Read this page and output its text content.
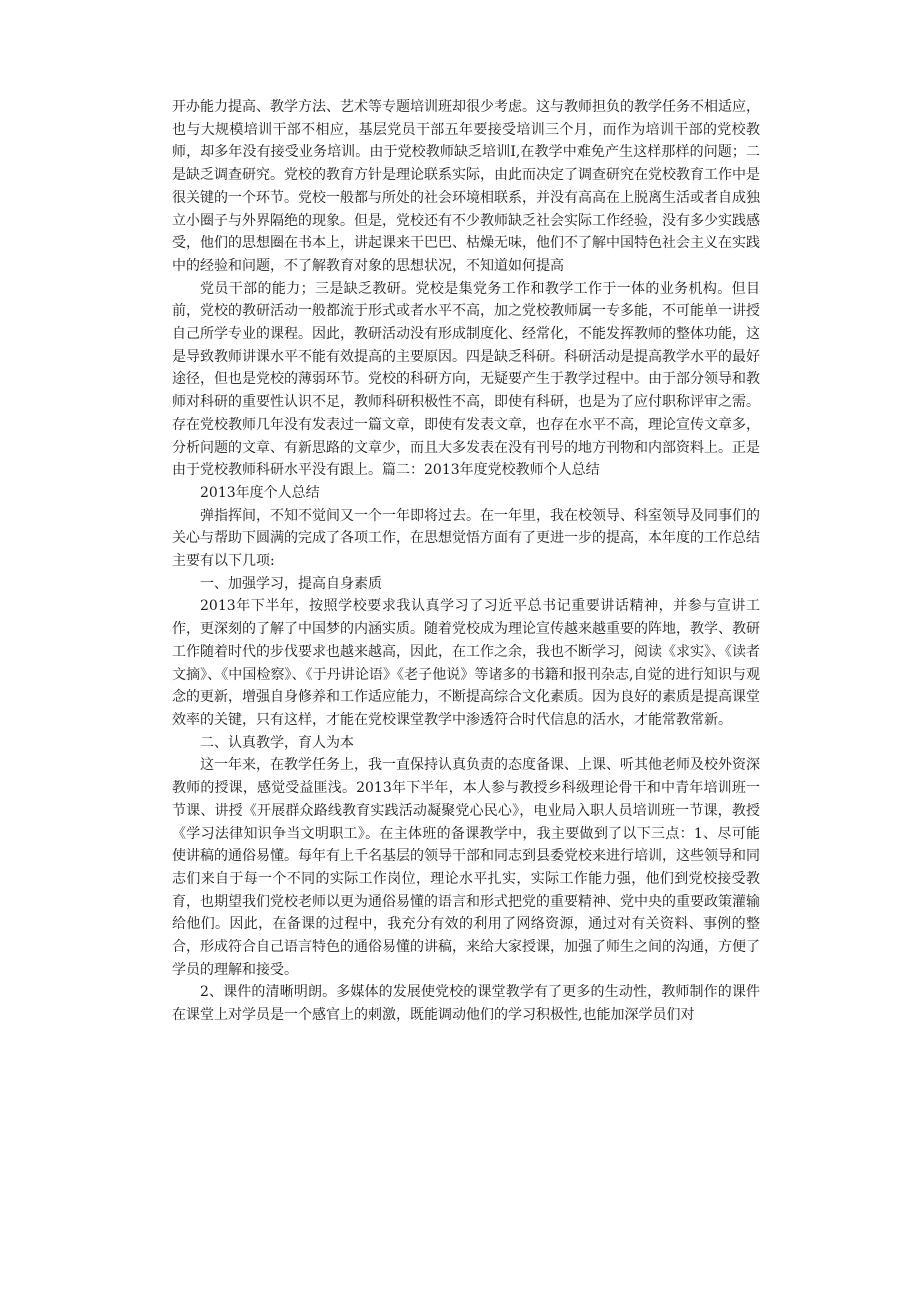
开办能力提高、教学方法、艺术等专题培训班却很少考虑。这与教师担负的教学任务不相适应，也与大规模培训干部不相应，基层党员干部五年要接受培训三个月，而作为培训干部的党校教师，却多年没有接受业务培训。由于党校教师缺乏培训I,在教学中难免产生这样那样的问题；二是缺乏调查研究。党校的教育方针是理论联系实际，由此而决定了调查研究在党校教育工作中是很关键的一个环节。党校一般都与所处的社会环境相联系，并没有高高在上脱离生活或者自成独立小圈子与外界隔绝的现象。但是，党校还有不少教师缺乏社会实际工作经验，没有多少实践感受，他们的思想圈在书本上，讲起课来干巴巴、枯燥无味，他们不了解中国特色社会主义在实践中的经验和问题，不了解教育对象的思想状况，不知道如何提高

党员干部的能力；三是缺乏教研。党校是集党务工作和教学工作于一体的业务机构。但目前，党校的教研活动一般都流于形式或者水平不高，加之党校教师属一专多能，不可能单一讲授自己所学专业的课程。因此，教研活动没有形成制度化、经常化，不能发挥教师的整体功能，这是导致教师讲课水平不能有效提高的主要原因。四是缺乏科研。科研活动是提高教学水平的最好途径，但也是党校的薄弱环节。党校的科研方向，无疑要产生于教学过程中。由于部分领导和教师对科研的重要性认识不足，教师科研积极性不高，即使有科研，也是为了应付职称评审之需。存在党校教师几年没有发表过一篇文章，即使有发表文章，也存在水平不高，理论宣传文章多，分析问题的文章、有新思路的文章少，而且大多发表在没有刊号的地方刊物和内部资料上。正是由于党校教师科研水平没有跟上。篇二：2013年度党校教师个人总结

2013年度个人总结

弹指挥间，不知不觉间又一个一年即将过去。在一年里，我在校领导、科室领导及同事们的关心与帮助下圆满的完成了各项工作，在思想觉悟方面有了更进一步的提高，本年度的工作总结主要有以下几项:

一、加强学习，提高自身素质

2013年下半年，按照学校要求我认真学习了习近平总书记重要讲话精神，并参与宣讲工作，更深刻的了解了中国梦的内涵实质。随着党校成为理论宣传越来越重要的阵地，教学、教研工作随着时代的步伐要求也越来越高，因此，在工作之余，我也不断学习，阅读《求实》、《读者文摘》、《中国检察》、《于丹讲论语》《老子他说》等诸多的书籍和报刊杂志,自觉的进行知识与观念的更新，增强自身修养和工作适应能力，不断提高综合文化素质。因为良好的素质是提高课堂效率的关键，只有这样，才能在党校课堂教学中渗透符合时代信息的活水，才能常教常新。

二、认真教学，育人为本

这一年来，在教学任务上，我一直保持认真负责的态度备课、上课、听其他老师及校外资深教师的授课，感觉受益匪浅。2013年下半年，本人参与教授乡科级理论骨干和中青年培训班一节课、讲授《开展群众路线教育实践活动凝聚党心民心》，电业局入职人员培训班一节课，教授《学习法律知识争当文明职工》。在主体班的备课教学中，我主要做到了以下三点：1、尽可能使讲稿的通俗易懂。每年有上千名基层的领导干部和同志到县委党校来进行培训，这些领导和同志们来自于每一个不同的实际工作岗位，理论水平扎实，实际工作能力强，他们到党校接受教育，也期望我们党校老师以更为通俗易懂的语言和形式把党的重要精神、党中央的重要政策灌输给他们。因此，在备课的过程中，我充分有效的利用了网络资源，通过对有关资料、事例的整合，形成符合自己语言特色的通俗易懂的讲稿，来给大家授课，加强了师生之间的沟通，方便了学员的理解和接受。

2、课件的清晰明朗。多媒体的发展使党校的课堂教学有了更多的生动性，教师制作的课件在课堂上对学员是一个感官上的刺激，既能调动他们的学习积极性,也能加深学员们对
